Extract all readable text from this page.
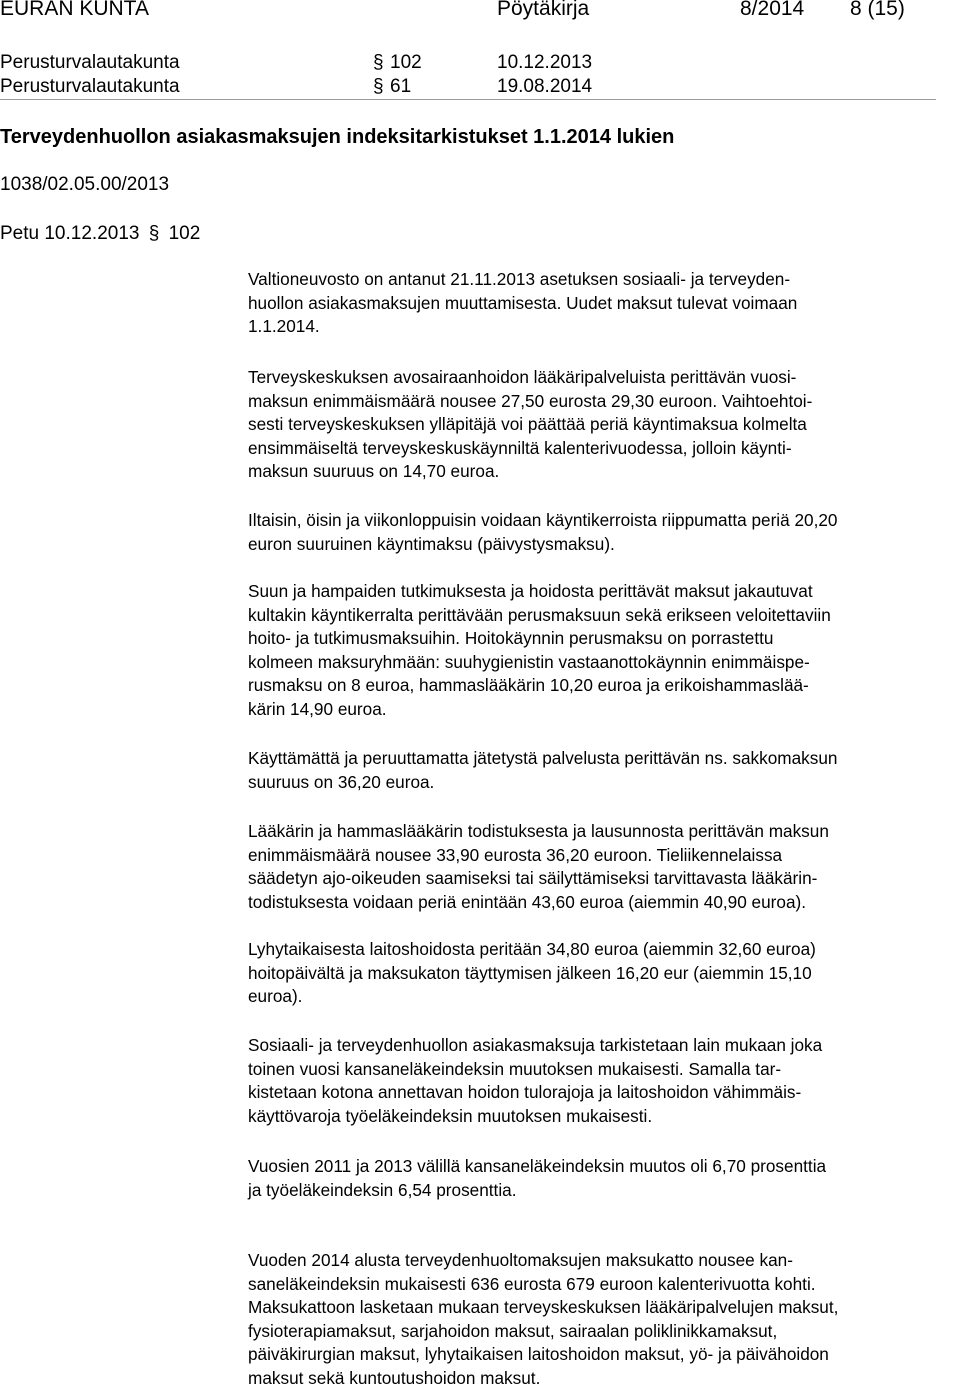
EURAN KUNTA	Pöytäkirja	8/2014 8 (15)
Perusturvalautakunta	§ 102	10.12.2013
Perusturvalautakunta	§ 61	19.08.2014
Terveydenhuollon asiakasmaksujen indeksitarkistukset 1.1.2014 lukien
1038/02.05.00/2013
Petu 10.12.2013 § 102
Valtioneuvosto on antanut 21.11.2013 asetuksen sosiaali- ja terveyden-
huollon asiakasmaksujen muuttamisesta. Uudet maksut tulevat voimaan
1.1.2014.
Terveyskeskuksen avosairaanhoidon lääkäripalveluista perittävän vuosi-
maksun enimmäismäärä nousee 27,50 eurosta 29,30 euroon. Vaihtoehtoi-
sesti terveyskeskuksen ylläpitäjä voi päättää periä käyntimaksua kolmelta
ensimmäiseltä terveyskeskuskäynniltä kalenterivuodessa, jolloin käynti-
maksun suuruus on 14,70 euroa.
Iltaisin, öisin ja viikonloppuisin voidaan käyntikerroista riippumatta periä 20,20
euron suuruinen käyntimaksu (päivystysmaksu).
Suun ja hampaiden tutkimuksesta ja hoidosta perittävät maksut jakautuvat
kultakin käyntikerralta perittävään perusmaksuun sekä erikseen veloitettaviin
hoito- ja tutkimusmaksuihin. Hoitokäynnin perusmaksu on porrastettu
kolmeen maksuryhmään: suuhygienistin vastaanottokäynnin enimmäispe-
rusmaksu on 8 euroa, hammaslääkärin 10,20 euroa ja erikoishammaslää-
kärin 14,90 euroa.
Käyttämättä ja peruuttamatta jätetystä palvelusta perittävän ns. sakkomaksun
suuruus on 36,20 euroa.
Lääkärin ja hammaslääkärin todistuksesta ja lausunnosta perittävän maksun
enimmäismäärä nousee 33,90 eurosta 36,20 euroon. Tieliikennelaissa
säädetyn ajo-oikeuden saamiseksi tai säilyttämiseksi tarvittavasta lääkärin-
todistuksesta voidaan periä enintään 43,60 euroa (aiemmin 40,90 euroa).
Lyhytaikaisesta laitoshoidosta peritään 34,80 euroa (aiemmin 32,60 euroa)
hoitopäivältä ja maksukaton täyttymisen jälkeen 16,20 eur (aiemmin 15,10
euroa).
Sosiaali- ja terveydenhuollon asiakasmaksuja tarkistetaan lain mukaan joka
toinen vuosi kansaneläkeindeksin muutoksen mukaisesti. Samalla tar-
kistetaan kotona annettavan hoidon tulorajoja ja laitoshoidon vähimmäis-
käyttövaroja työeläkeindeksin muutoksen mukaisesti.
Vuosien 2011 ja 2013 välillä kansaneläkeindeksin muutos oli 6,70 prosenttia
ja työeläkeindeksin 6,54 prosenttia.
Vuoden 2014 alusta terveydenhuoltomaksujen maksukatto nousee kan-
saneläkeindeksin mukaisesti 636 eurosta 679 euroon kalenterivuotta kohti.
Maksukattoon lasketaan mukaan terveyskeskuksen lääkäripalvelujen maksut,
fysioterapiamaksut, sarjahoidon maksut, sairaalan poliklinikkamaksut,
päiväkirurgian maksut, lyhytaikaisen laitoshoidon maksut, yö- ja päivähoidon
maksut sekä kuntoutushoidon maksut.
